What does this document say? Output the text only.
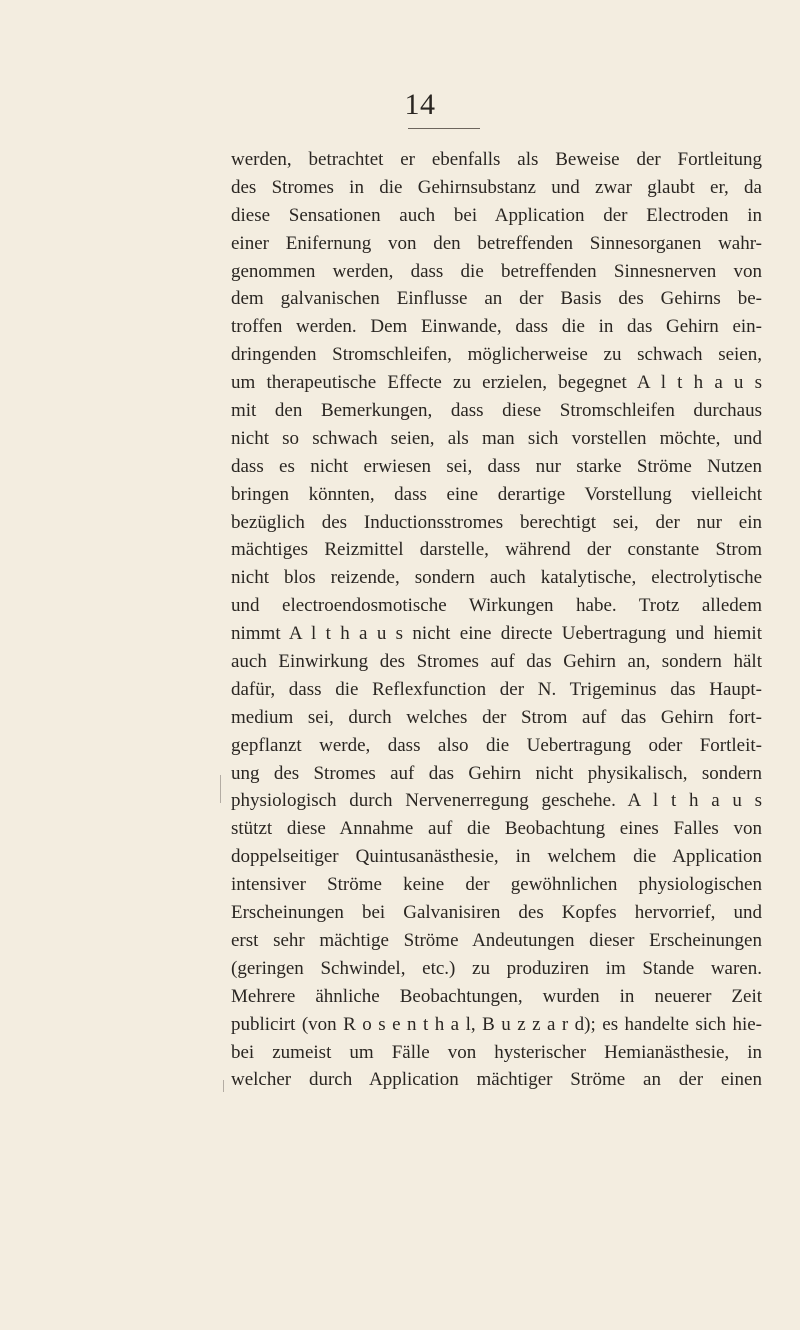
14
werden, betrachtet er ebenfalls als Beweise der Fortleitung
des Stromes in die Gehirnsubstanz und zwar glaubt er, da
diese Sensationen auch bei Application der Electroden in
einer Enifernung von den betreffenden Sinnesorganen wahr-
genommen werden, dass die betreffenden Sinnesnerven von
dem galvanischen Einflusse an der Basis des Gehirns be-
troffen werden. Dem Einwande, dass die in das Gehirn ein-
dringenden Stromschleifen, möglicherweise zu schwach seien,
um therapeutische Effecte zu erzielen, begegnet A l t h a u s
mit den Bemerkungen, dass diese Stromschleifen durchaus
nicht so schwach seien, als man sich vorstellen möchte, und
dass es nicht erwiesen sei, dass nur starke Ströme Nutzen
bringen könnten, dass eine derartige Vorstellung vielleicht
bezüglich des Inductionsstromes berechtigt sei, der nur ein
mächtiges Reizmittel darstelle, während der constante Strom
nicht blos reizende, sondern auch katalytische, electrolytische
und electroendosmotische Wirkungen habe. Trotz alledem
nimmt A l t h a u s nicht eine directe Uebertragung und hiemit
auch Einwirkung des Stromes auf das Gehirn an, sondern hält
dafür, dass die Reflexfunction der N. Trigeminus das Haupt-
medium sei, durch welches der Strom auf das Gehirn fort-
gepflanzt werde, dass also die Uebertragung oder Fortleit-
ung des Stromes auf das Gehirn nicht physikalisch, sondern
physiologisch durch Nervenerregung geschehe. A l t h a u s
stützt diese Annahme auf die Beobachtung eines Falles von
doppelseitiger Quintusanästhesie, in welchem die Application
intensiver Ströme keine der gewöhnlichen physiologischen
Erscheinungen bei Galvanisiren des Kopfes hervorrief, und
erst sehr mächtige Ströme Andeutungen dieser Erscheinungen
(geringen Schwindel, etc.) zu produziren im Stande waren.
Mehrere ähnliche Beobachtungen, wurden in neuerer Zeit
publicirt (von R o s e n t h a l, B u z z a r d); es handelte sich hie-
bei zumeist um Fälle von hysterischer Hemianästhesie, in
welcher durch Application mächtiger Ströme an der einen
